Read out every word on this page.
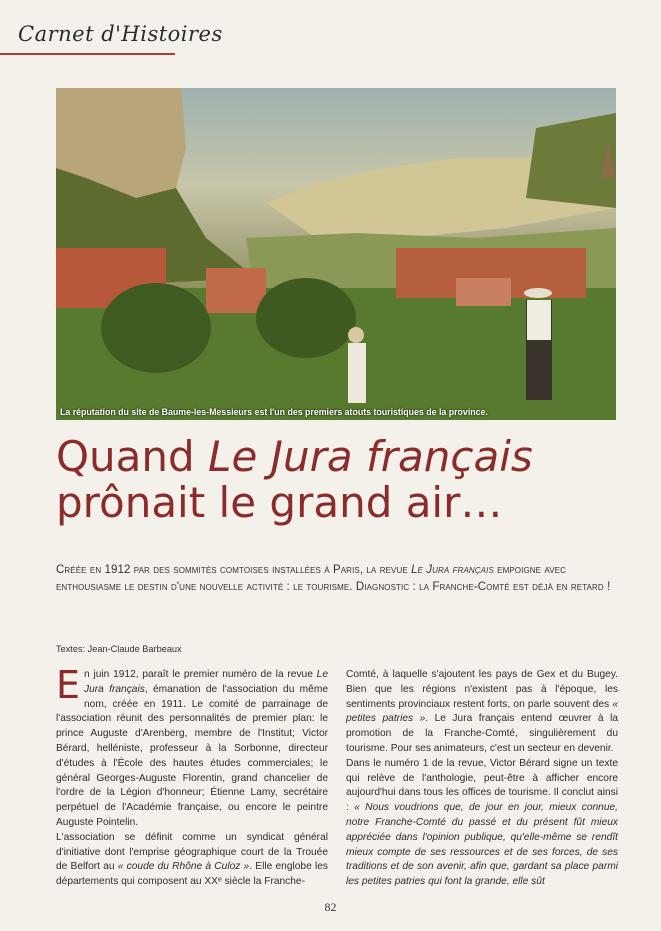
Carnet d'Histoires
La réputation du site de Baume-les-Messieurs est l'un des premiers atouts touristiques de la province.
Quand Le Jura français
prônait le grand air…

Créée en 1912 par des sommités comtoises installées à Paris, la revue Le Jura français empoigne avec enthousiasme le destin d'une nouvelle activité : le tourisme. Diagnostic : la Franche-Comté est déjà en retard !

Textes: Jean-Claude Barbeaux

En juin 1912, paraît le premier numéro de la revue Le Jura français, émanation de l'association du même nom, créée en 1911. Le comité de parrainage de l'association réunit des personnalités de premier plan: le prince Auguste d'Arenberg, membre de l'Institut; Victor Bérard, helléniste, professeur à la Sorbonne, directeur d'études à l'École des hautes études commerciales; le général Georges-Auguste Florentin, grand chancelier de l'ordre de la Légion d'honneur; Étienne Lamy, secrétaire perpétuel de l'Académie française, ou encore le peintre Auguste Pointelin.

L'association se définit comme un syndicat général d'initiative dont l'emprise géographique court de la Trouée de Belfort au « coude du Rhône à Culoz ». Elle englobe les départements qui composent au XXᵉ siècle la Franche-

Comté, à laquelle s'ajoutent les pays de Gex et du Bugey. Bien que les régions n'existent pas à l'époque, les sentiments provinciaux restent forts, on parle souvent des « petites patries ». Le Jura français entend œuvrer à la promotion de la Franche-Comté, singulièrement du tourisme. Pour ses animateurs, c'est un secteur en devenir.

Dans le numéro 1 de la revue, Victor Bérard signe un texte qui relève de l'anthologie, peut-être à afficher encore aujourd'hui dans tous les offices de tourisme. Il conclut ainsi : « Nous voudrions que, de jour en jour, mieux connue, notre Franche-Comté du passé et du présent fût mieux appréciée dans l'opinion publique, qu'elle-même se rendît mieux compte de ses ressources et de ses forces, de ses traditions et de son avenir, afin que, gardant sa place parmi les petites patries qui font la grande, elle sût

82
